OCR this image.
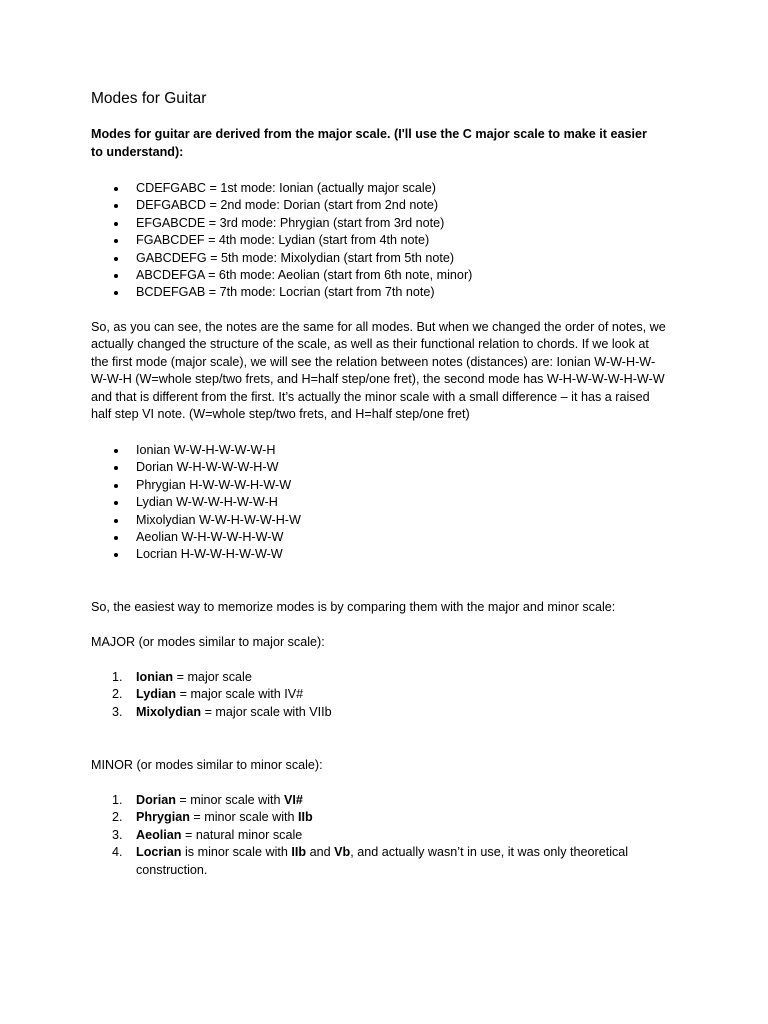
Modes for Guitar

Modes for guitar are derived from the major scale. (I'll use the C major scale to make it easier to understand):

CDEFGABC = 1st mode: Ionian (actually major scale)
DEFGABCD = 2nd mode: Dorian (start from 2nd note)
EFGABCDE = 3rd mode: Phrygian (start from 3rd note)
FGABCDEF = 4th mode: Lydian (start from 4th note)
GABCDEFG = 5th mode: Mixolydian (start from 5th note)
ABCDEFGA = 6th mode: Aeolian (start from 6th note, minor)
BCDEFGAB = 7th mode: Locrian (start from 7th note)

So, as you can see, the notes are the same for all modes. But when we changed the order of notes, we actually changed the structure of the scale, as well as their functional relation to chords. If we look at the first mode (major scale), we will see the relation between notes (distances) are: Ionian W-W-H-W-W-W-H (W=whole step/two frets, and H=half step/one fret), the second mode has W-H-W-W-W-H-W-W and that is different from the first. It’s actually the minor scale with a small difference – it has a raised half step VI note. (W=whole step/two frets, and H=half step/one fret)

Ionian W-W-H-W-W-W-H
Dorian W-H-W-W-W-H-W
Phrygian H-W-W-W-H-W-W
Lydian W-W-W-H-W-W-H
Mixolydian W-W-H-W-W-H-W
Aeolian W-H-W-W-H-W-W
Locrian H-W-W-H-W-W-W

So, the easiest way to memorize modes is by comparing them with the major and minor scale:

MAJOR (or modes similar to major scale):

1. Ionian = major scale
2. Lydian = major scale with IV#
3. Mixolydian = major scale with VIIb

MINOR (or modes similar to minor scale):

1. Dorian = minor scale with VI#
2. Phrygian = minor scale with IIb
3. Aeolian = natural minor scale
4. Locrian is minor scale with IIb and Vb, and actually wasn’t in use, it was only theoretical construction.
